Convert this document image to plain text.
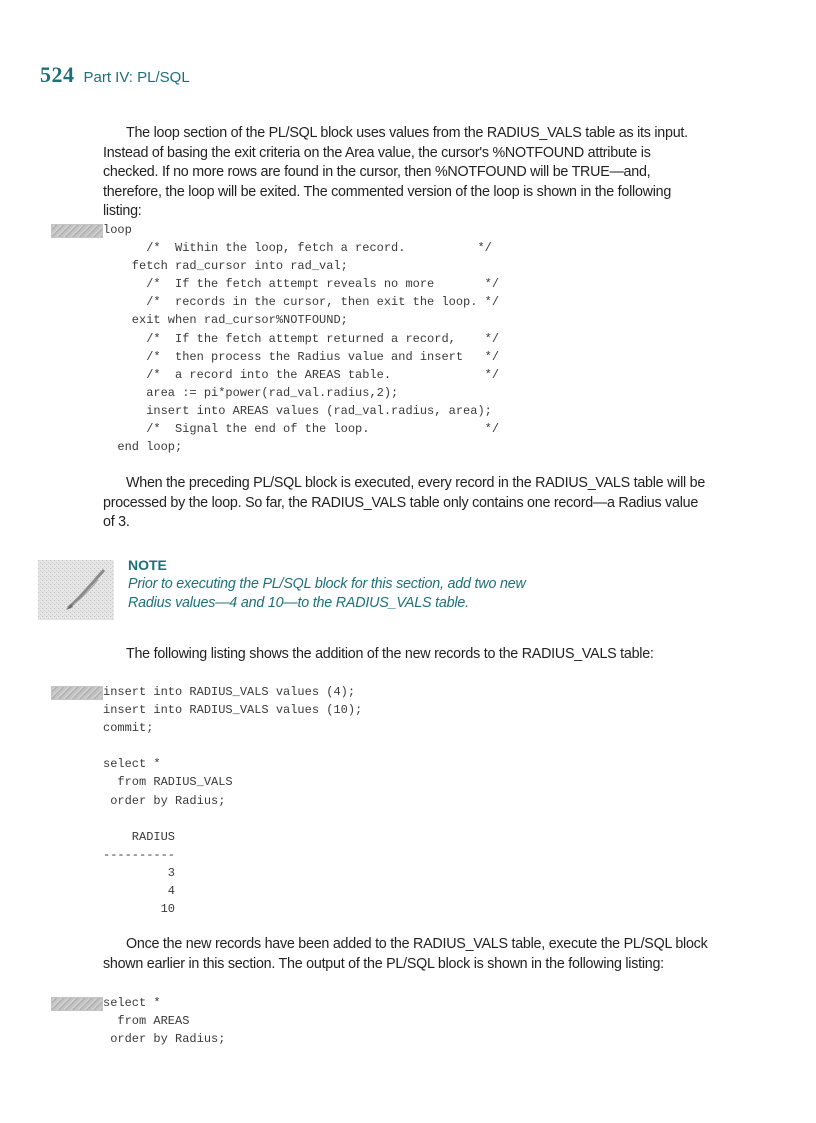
524 Part IV: PL/SQL

The loop section of the PL/SQL block uses values from the RADIUS_VALS table as its input. Instead of basing the exit criteria on the Area value, the cursor's %NOTFOUND attribute is checked. If no more rows are found in the cursor, then %NOTFOUND will be TRUE—and, therefore, the loop will be exited. The commented version of the loop is shown in the following listing:

loop
/*  Within the loop, fetch a record.          */
fetch rad_cursor into rad_val;
/*  If the fetch attempt reveals no more       */
/*  records in the cursor, then exit the loop. */
exit when rad_cursor%NOTFOUND;
/*  If the fetch attempt returned a record,    */
/*  then process the Radius value and insert   */
/*  a record into the AREAS table.             */
area := pi*power(rad_val.radius,2);
insert into AREAS values (rad_val.radius, area);
/*  Signal the end of the loop.                */
end loop;

When the preceding PL/SQL block is executed, every record in the RADIUS_VALS table will be processed by the loop. So far, the RADIUS_VALS table only contains one record—a Radius value of 3.

NOTE

Prior to executing the PL/SQL block for this section, add two new Radius values—4 and 10—to the RADIUS_VALS table.

The following listing shows the addition of the new records to the RADIUS_VALS table:

insert into RADIUS_VALS values (4);
insert into RADIUS_VALS values (10);
commit;

select *
from RADIUS_VALS
order by Radius;

RADIUS
----------
3
4
10

Once the new records have been added to the RADIUS_VALS table, execute the PL/SQL block shown earlier in this section. The output of the PL/SQL block is shown in the following listing:

select *
from AREAS
order by Radius;
